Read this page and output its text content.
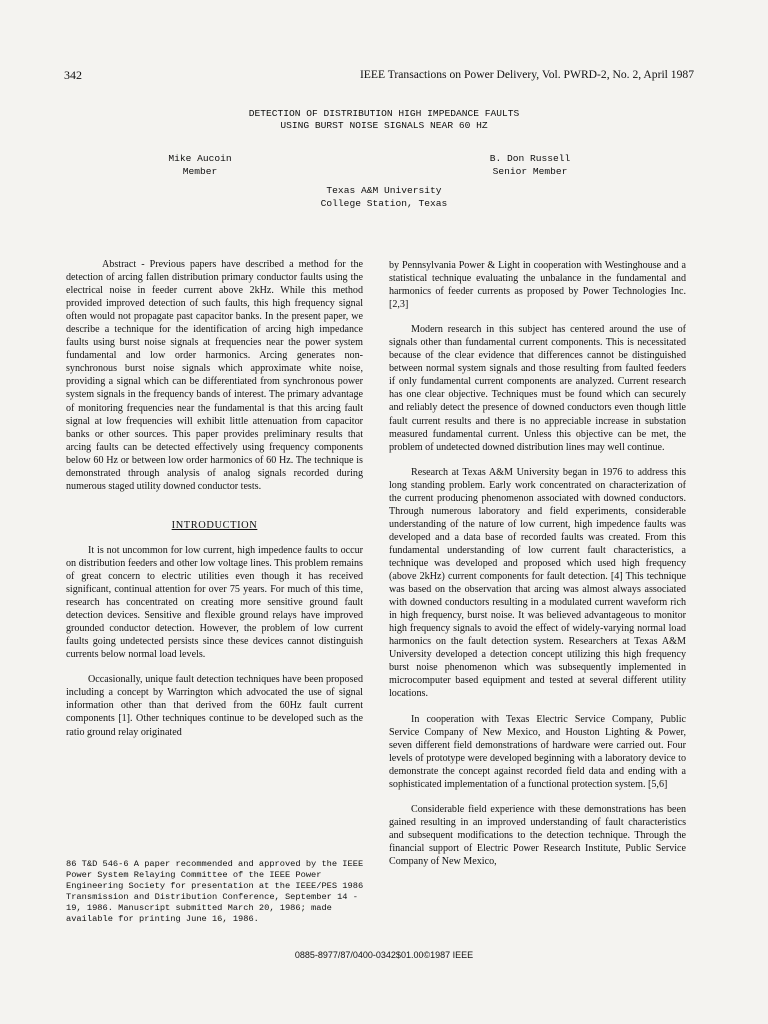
342	IEEE Transactions on Power Delivery, Vol. PWRD-2, No. 2, April 1987
DETECTION OF DISTRIBUTION HIGH IMPEDANCE FAULTS
USING BURST NOISE SIGNALS NEAR 60 HZ
Mike Aucoin
Member
B. Don Russell
Senior Member
Texas A&M University
College Station, Texas

Abstract - Previous papers have described a method for the detection of arcing fallen distribution primary conductor faults using the electrical noise in feeder current above 2kHz. While this method provided improved detection of such faults, this high frequency signal often would not propagate past capacitor banks. In the present paper, we describe a technique for the identification of arcing high impedance faults using burst noise signals at frequencies near the power system fundamental and low order harmonics. Arcing generates non-synchronous burst noise signals which approximate white noise, providing a signal which can be differentiated from synchronous power system signals in the frequency bands of interest. The primary advantage of monitoring frequencies near the fundamental is that this arcing fault signal at low frequencies will exhibit little attenuation from capacitor banks or other sources. This paper provides preliminary results that arcing faults can be detected effectively using frequency components below 60 Hz or between low order harmonics of 60 Hz. The technique is demonstrated through analysis of analog signals recorded during numerous staged utility downed conductor tests.

INTRODUCTION

It is not uncommon for low current, high impedence faults to occur on distribution feeders and other low voltage lines. This problem remains of great concern to electric utilities even though it has received significant, continual attention for over 75 years. For much of this time, research has concentrated on creating more sensitive ground fault detection devices. Sensitive and flexible ground relays have improved grounded conductor detection. However, the problem of low current faults going undetected persists since these devices cannot distinguish currents below normal load levels.

Occasionally, unique fault detection techniques have been proposed including a concept by Warrington which advocated the use of signal information other than that derived from the 60Hz fault current components [1]. Other techniques continue to be developed such as the ratio ground relay originated

86 T&D 546-6 A paper recommended and approved by the IEEE Power System Relaying Committee of the IEEE Power Engineering Society for presentation at the IEEE/PES 1986 Transmission and Distribution Conference, September 14 - 19, 1986. Manuscript submitted March 20, 1986; made available for printing June 16, 1986.

by Pennsylvania Power & Light in cooperation with Westinghouse and a statistical technique evaluating the unbalance in the fundamental and harmonics of feeder currents as proposed by Power Technologies Inc. [2,3]

Modern research in this subject has centered around the use of signals other than fundamental current components. This is necessitated because of the clear evidence that differences cannot be distinguished between normal system signals and those resulting from faulted feeders if only fundamental current components are analyzed. Current research has one clear objective. Techniques must be found which can securely and reliably detect the presence of downed conductors even though little fault current results and there is no appreciable increase in substation measured fundamental current. Unless this objective can be met, the problem of undetected downed distribution lines may well continue.

Research at Texas A&M University began in 1976 to address this long standing problem. Early work concentrated on characterization of the current producing phenomenon associated with downed conductors. Through numerous laboratory and field experiments, considerable understanding of the nature of low current, high impedence faults was developed and a data base of recorded faults was created. From this fundamental understanding of low current fault characteristics, a technique was developed and proposed which used high frequency (above 2kHz) current components for fault detection. [4] This technique was based on the observation that arcing was almost always associated with downed conductors resulting in a modulated current waveform rich in high frequency, burst noise. It was believed advantageous to monitor high frequency signals to avoid the effect of widely-varying normal load harmonics on the fault detection system. Researchers at Texas A&M University developed a detection concept utilizing this high frequency burst noise phenomenon which was subsequently implemented in microcomputer based equipment and tested at several different utility locations.

In cooperation with Texas Electric Service Company, Public Service Company of New Mexico, and Houston Lighting & Power, seven different field demonstrations of hardware were carried out. Four levels of prototype were developed beginning with a laboratory device to demonstrate the concept against recorded field data and ending with a sophisticated implementation of a functional protection system. [5,6]

Considerable field experience with these demonstrations has been gained resulting in an improved understanding of fault characteristics and subsequent modifications to the detection technique. Through the financial support of Electric Power Research Institute, Public Service Company of New Mexico,

0885-8977/87/0400-0342$01.00©1987 IEEE
